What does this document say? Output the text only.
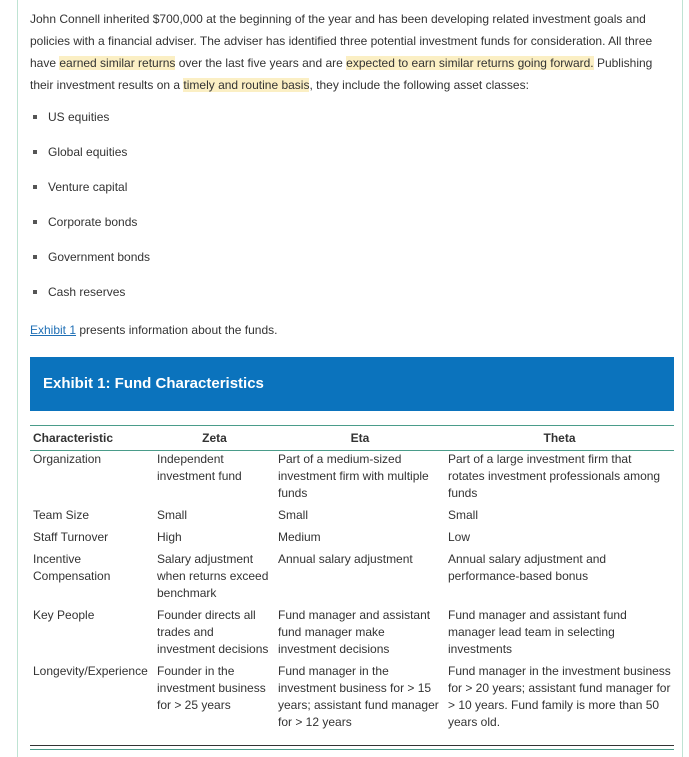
John Connell inherited $700,000 at the beginning of the year and has been developing related investment goals and policies with a financial adviser. The adviser has identified three potential investment funds for consideration. All three have earned similar returns over the last five years and are expected to earn similar returns going forward. Publishing their investment results on a timely and routine basis, they include the following asset classes:

US equities
Global equities
Venture capital
Corporate bonds
Government bonds
Cash reserves
Exhibit 1 presents information about the funds.
Exhibit 1: Fund Characteristics
Characteristic	Zeta	Eta	Theta
Organization	Independent investment fund	Part of a medium-sized investment firm with multiple funds	Part of a large investment firm that rotates investment professionals among funds
Team Size	Small	Small	Small
Staff Turnover	High	Medium	Low
Incentive Compensation	Salary adjustment when returns exceed benchmark	Annual salary adjustment	Annual salary adjustment and performance-based bonus
Key People	Founder directs all trades and investment decisions	Fund manager and assistant fund manager make investment decisions	Fund manager and assistant fund manager lead team in selecting investments
Longevity/Experience	Founder in the investment business for > 25 years	Fund manager in the investment business for > 15 years; assistant fund manager for > 12 years	Fund manager in the investment business for > 20 years; assistant fund manager for > 10 years. Fund family is more than 50 years old.
